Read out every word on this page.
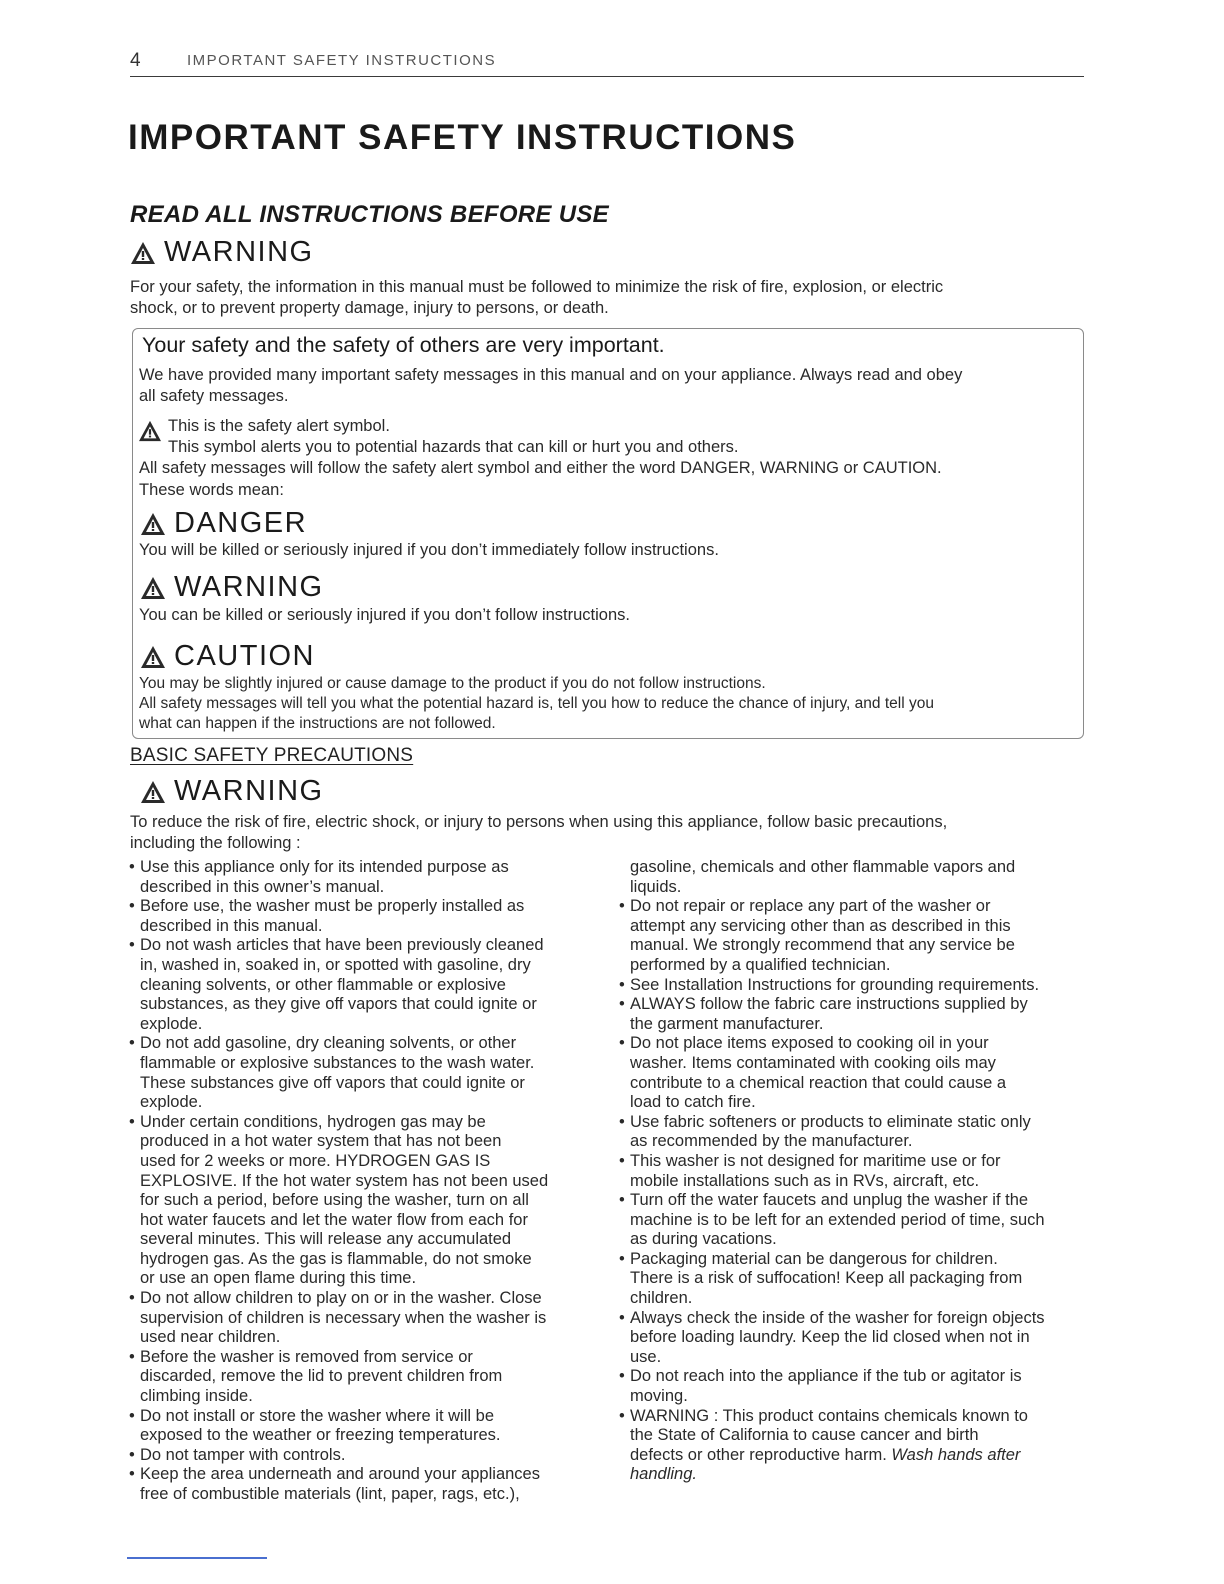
4	IMPORTANT SAFETY INSTRUCTIONS
IMPORTANT SAFETY INSTRUCTIONS
READ ALL INSTRUCTIONS BEFORE USE
WARNING

For your safety, the information in this manual must be followed to minimize the risk of fire, explosion, or electric

shock, or to prevent property damage, injury to persons, or death.

Your safety and the safety of others are very important.

We have provided many important safety messages in this manual and on your appliance. Always read and obey

all safety messages.

This is the safety alert symbol.

This symbol alerts you to potential hazards that can kill or hurt you and others.

All safety messages will follow the safety alert symbol and either the word DANGER, WARNING or CAUTION.

These words mean:

DANGER

You will be killed or seriously injured if you don’t immediately follow instructions.

WARNING

You can be killed or seriously injured if you don’t follow instructions.

CAUTION

You may be slightly injured or cause damage to the product if you do not follow instructions.

All safety messages will tell you what the potential hazard is, tell you how to reduce the chance of injury, and tell you

what can happen if the instructions are not followed.

BASIC SAFETY PRECAUTIONS
WARNING

To reduce the risk of fire, electric shock, or injury to persons when using this appliance, follow basic precautions,

including the following :

• Use this appliance only for its intended purpose as
described in this owner’s manual.
• Before use, the washer must be properly installed as
described in this manual.
• Do not wash articles that have been previously cleaned
in, washed in, soaked in, or spotted with gasoline, dry
cleaning solvents, or other flammable or explosive
substances, as they give off vapors that could ignite or
explode.
• Do not add gasoline, dry cleaning solvents, or other
flammable or explosive substances to the wash water.
These substances give off vapors that could ignite or
explode.
• Under certain conditions, hydrogen gas may be
produced in a hot water system that has not been
used for 2 weeks or more. HYDROGEN GAS IS
EXPLOSIVE. If the hot water system has not been used
for such a period, before using the washer, turn on all
hot water faucets and let the water flow from each for
several minutes. This will release any accumulated
hydrogen gas. As the gas is flammable, do not smoke
or use an open flame during this time.
• Do not allow children to play on or in the washer. Close
supervision of children is necessary when the washer is
used near children.
• Before the washer is removed from service or
discarded, remove the lid to prevent children from
climbing inside.
• Do not install or store the washer where it will be
exposed to the weather or freezing temperatures.
• Do not tamper with controls.
• Keep the area underneath and around your appliances
free of combustible materials (lint, paper, rags, etc.),
gasoline, chemicals and other flammable vapors and
liquids.
• Do not repair or replace any part of the washer or
attempt any servicing other than as described in this
manual. We strongly recommend that any service be
performed by a qualified technician.
• See Installation Instructions for grounding requirements.
• ALWAYS follow the fabric care instructions supplied by
the garment manufacturer.
• Do not place items exposed to cooking oil in your
washer. Items contaminated with cooking oils may
contribute to a chemical reaction that could cause a
load to catch fire.
• Use fabric softeners or products to eliminate static only
as recommended by the manufacturer.
• This washer is not designed for maritime use or for
mobile installations such as in RVs, aircraft, etc.
• Turn off the water faucets and unplug the washer if the
machine is to be left for an extended period of time, such
as during vacations.
• Packaging material can be dangerous for children.
There is a risk of suffocation! Keep all packaging from
children.
• Always check the inside of the washer for foreign objects
before loading laundry. Keep the lid closed when not in
use.
• Do not reach into the appliance if the tub or agitator is
moving.
• WARNING : This product contains chemicals known to
the State of California to cause cancer and birth
defects or other reproductive harm. Wash hands after
handling.
